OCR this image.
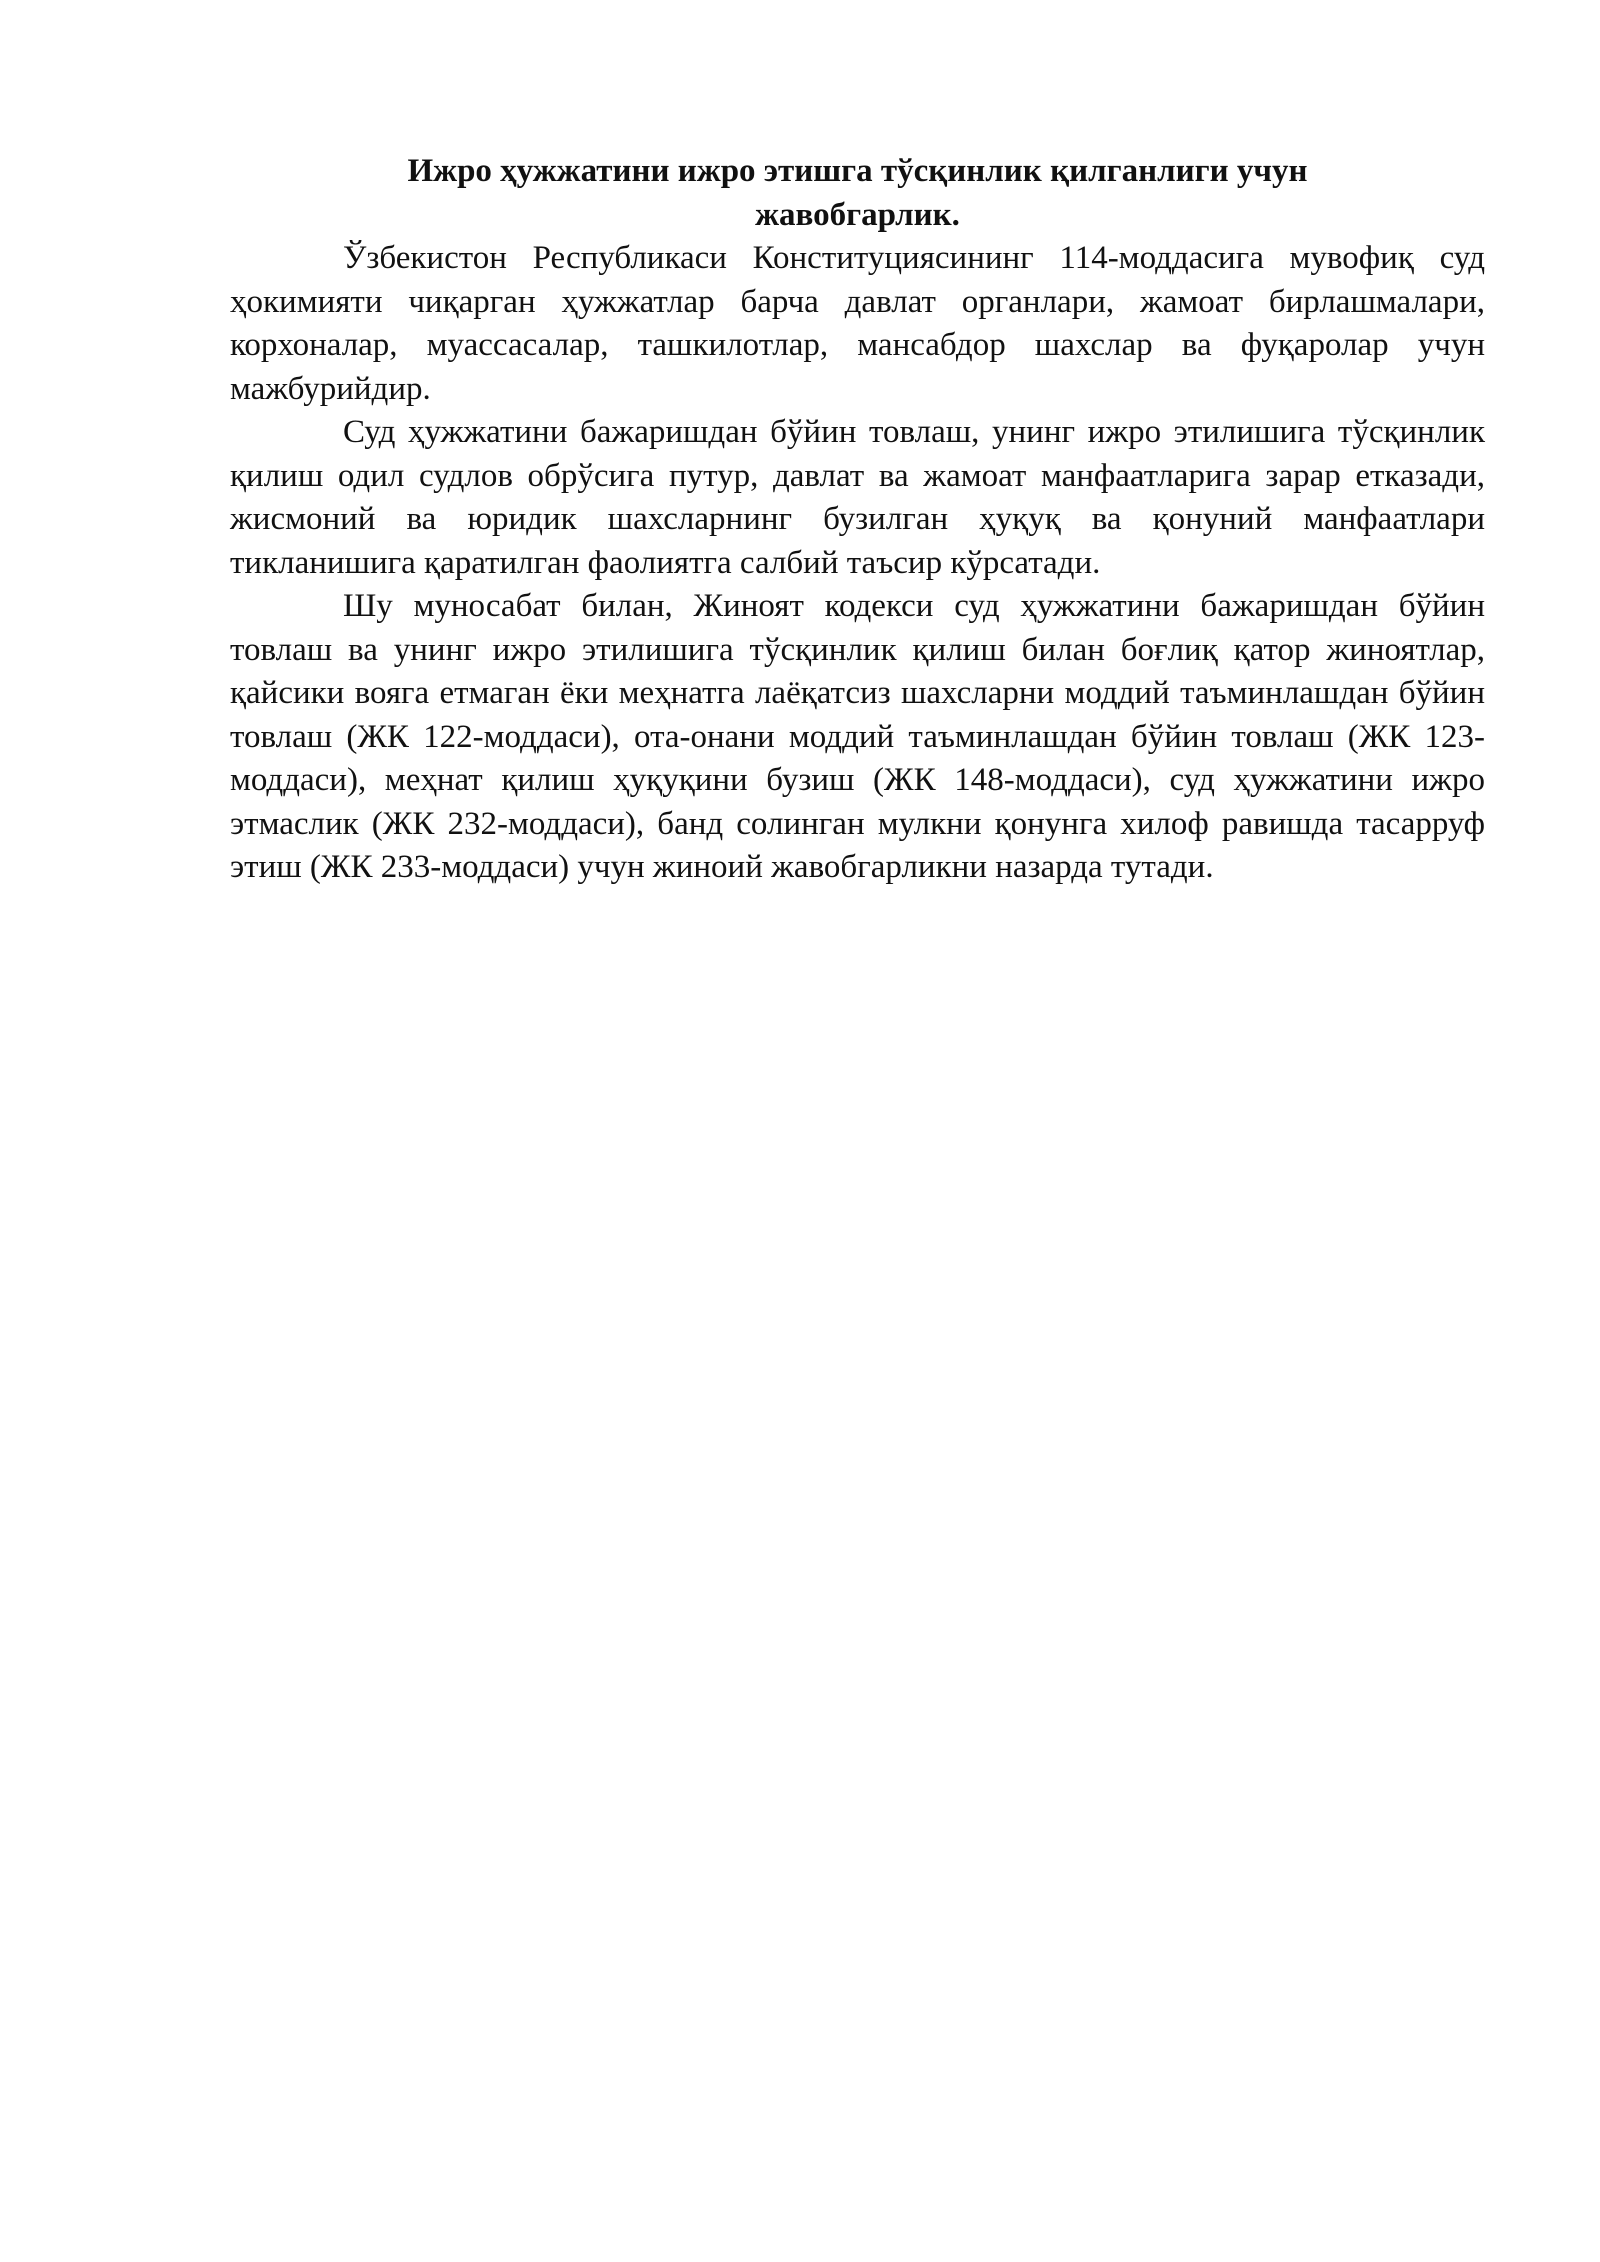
Ижро ҳужжатини ижро этишга тўсқинлик қилганлиги учун жавобгарлик.

Ўзбекистон Республикаси Конституциясининг 114-моддасига мувофиқ суд ҳокимияти чиқарган ҳужжатлар барча давлат органлари, жамоат бирлашмалари, корхоналар, муассасалар, ташкилотлар, мансабдор шахслар ва фуқаролар учун мажбурийдир.

Суд ҳужжатини бажаришдан бўйин товлаш, унинг ижро этилишига тўсқинлик қилиш одил судлов обрўсига путур, давлат ва жамоат манфаатларига зарар етказади, жисмоний ва юридик шахсларнинг бузилган ҳуқуқ ва қонуний манфаатлари тикланишига қаратилган фаолиятга салбий таъсир кўрсатади.

Шу муносабат билан, Жиноят кодекси суд ҳужжатини бажаришдан бўйин товлаш ва унинг ижро этилишига тўсқинлик қилиш билан боғлиқ қатор жиноятлар, қайсики вояга етмаган ёки меҳнатга лаёқатсиз шахсларни моддий таъминлашдан бўйин товлаш (ЖК 122-моддаси), ота-онани моддий таъминлашдан бўйин товлаш (ЖК 123-моддаси), меҳнат қилиш ҳуқуқини бузиш (ЖК 148-моддаси), суд ҳужжатини ижро этмаслик (ЖК 232-моддаси), банд солинган мулкни қонунга хилоф равишда тасарруф этиш (ЖК 233-моддаси) учун жиноий жавобгарликни назарда тутади.
